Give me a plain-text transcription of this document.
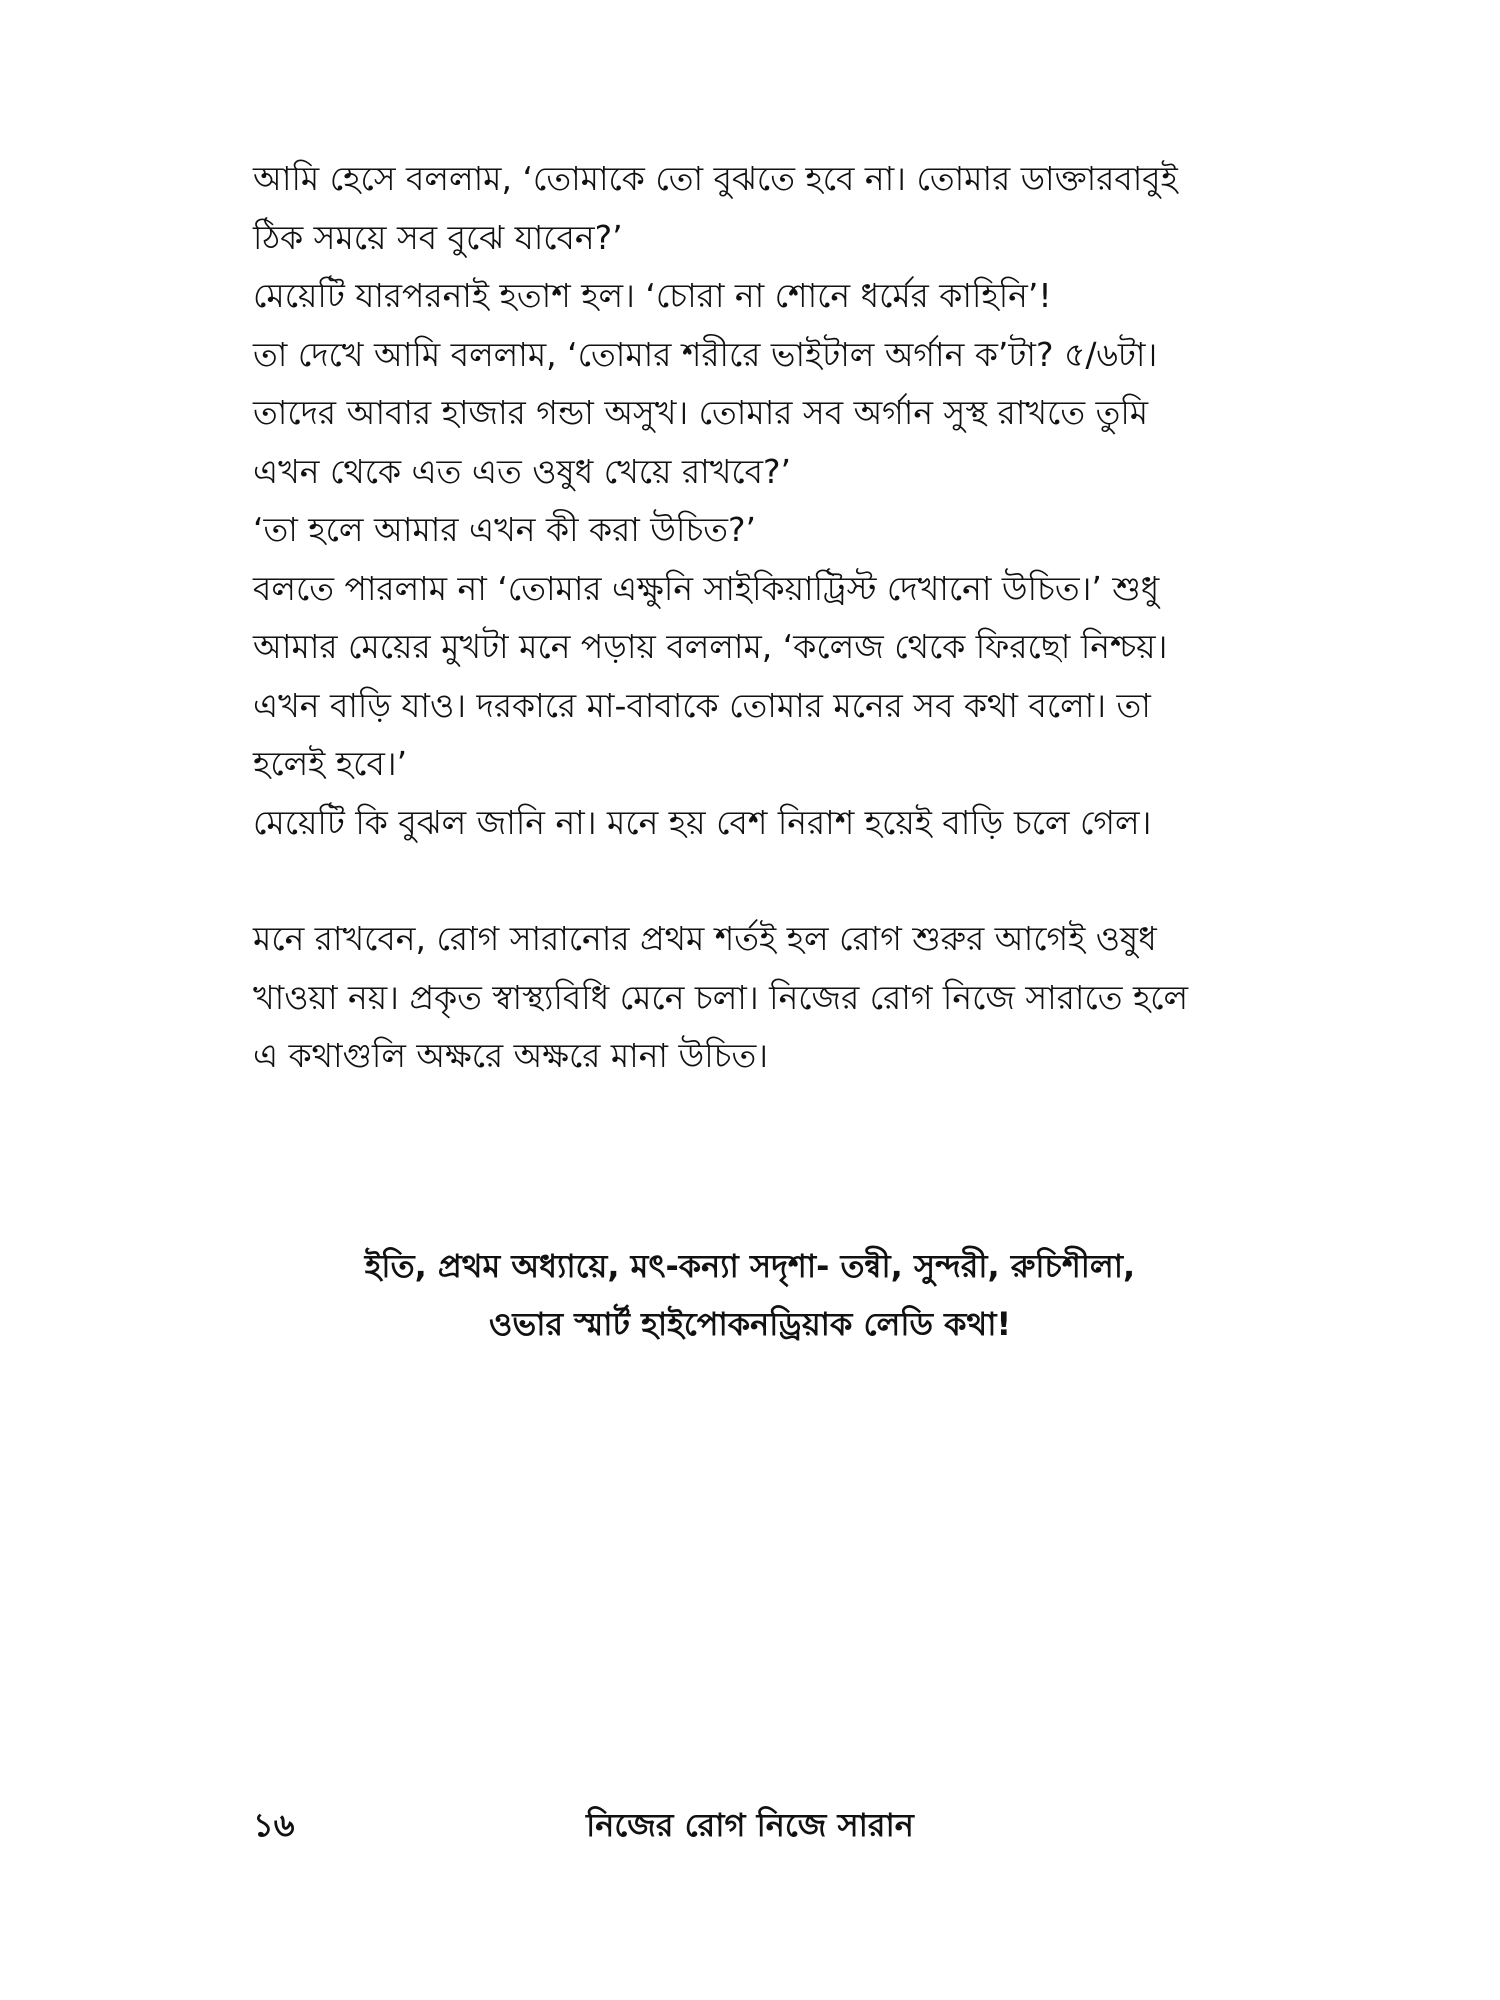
আমি হেসে বললাম, ‘তোমাকে তো বুঝতে হবে না। তোমার ডাক্তারবাবুই
ঠিক সময়ে সব বুঝে যাবেন?’
মেয়েটি যারপরনাই হতাশ হল। ‘চোরা না শোনে ধর্মের কাহিনি’!
তা দেখে আমি বললাম, ‘তোমার শরীরে ভাইটাল অর্গান ক’টা? ৫/৬টা।
তাদের আবার হাজার গন্ডা অসুখ। তোমার সব অর্গান সুস্থ রাখতে তুমি
এখন থেকে এত এত ওষুধ খেয়ে রাখবে?’
‘তা হলে আমার এখন কী করা উচিত?’
বলতে পারলাম না ‘তোমার এক্ষুনি সাইকিয়াট্রিস্ট দেখানো উচিত।’ শুধু
আমার মেয়ের মুখটা মনে পড়ায় বললাম, ‘কলেজ থেকে ফিরছো নিশ্চয়।
এখন বাড়ি যাও। দরকারে মা-বাবাকে তোমার মনের সব কথা বলো। তা
হলেই হবে।’
মেয়েটি কি বুঝল জানি না। মনে হয় বেশ নিরাশ হয়েই বাড়ি চলে গেল।
মনে রাখবেন, রোগ সারানোর প্রথম শর্তই হল রোগ শুরুর আগেই ওষুধ
খাওয়া নয়। প্রকৃত স্বাস্থ্যবিধি মেনে চলা। নিজের রোগ নিজে সারাতে হলে
এ কথাগুলি অক্ষরে অক্ষরে মানা উচিত।
ইতি, প্রথম অধ্যায়ে, মৎ-কন্যা সদৃশা- তন্বী, সুন্দরী, রুচিশীলা,
ওভার স্মার্ট হাইপোকনড্রিয়াক লেডি কথা!
নিজের রোগ নিজে সারান
১৬
